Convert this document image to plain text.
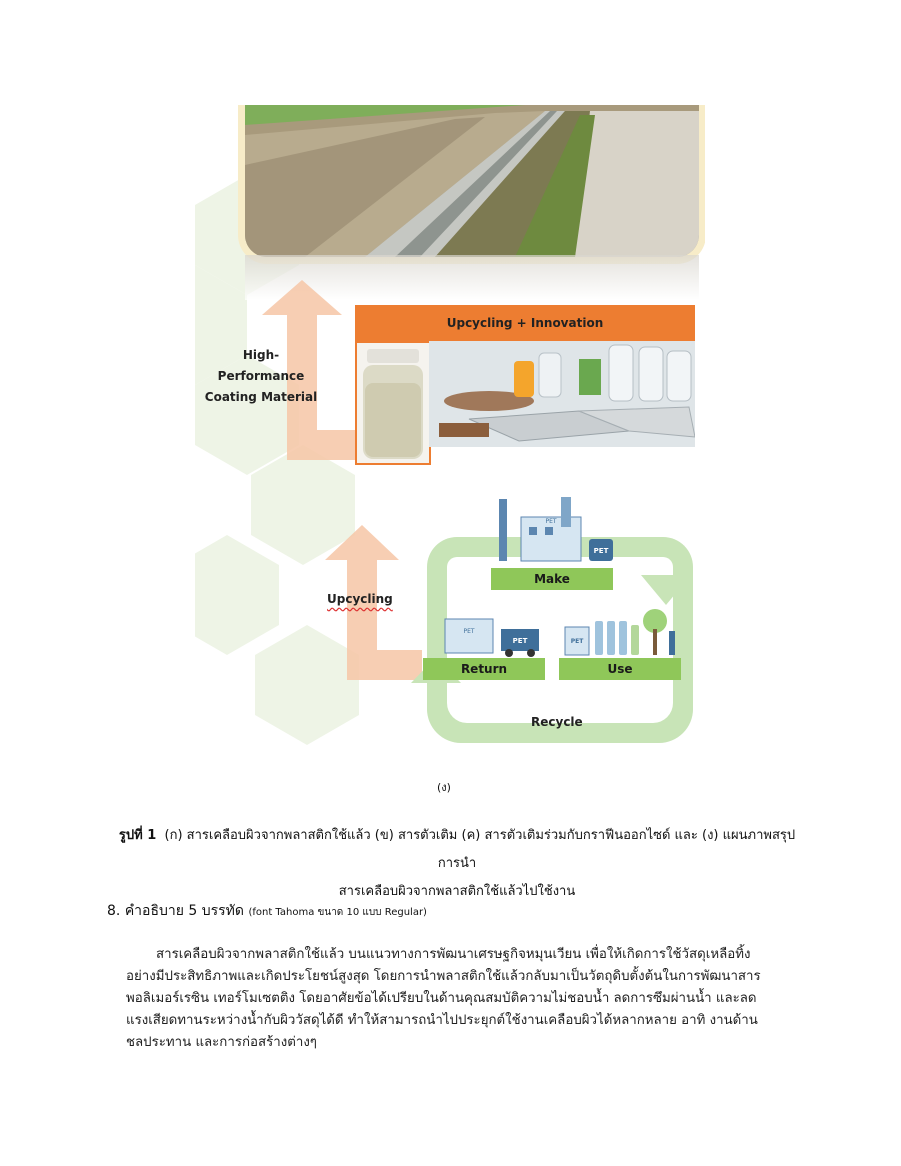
Upcycling + Innovation
High-Performance
Coating Material
Upcycling
PET
PET
Make
PET
PET
Return
PET
Use
Recycle
(ง)
รูปที่ 1 (ก) สารเคลือบผิวจากพลาสติกใช้แล้ว (ข) สารตัวเติม (ค) สารตัวเติมร่วมกับกราฟีนออกไซด์ และ (ง) แผนภาพสรุปการนำ
สารเคลือบผิวจากพลาสติกใช้แล้วไปใช้งาน
8. คำอธิบาย 5 บรรทัด (font Tahoma ขนาด 10 แบบ Regular)
สารเคลือบผิวจากพลาสติกใช้แล้ว บนแนวทางการพัฒนาเศรษฐกิจหมุนเวียน เพื่อให้เกิดการใช้วัสดุเหลือทิ้ง
อย่างมีประสิทธิภาพและเกิดประโยชน์สูงสุด โดยการนำพลาสติกใช้แล้วกลับมาเป็นวัตถุดิบตั้งต้นในการพัฒนาสาร
พอลิเมอร์เรซิน เทอร์โมเซตติง โดยอาศัยข้อได้เปรียบในด้านคุณสมบัติความไม่ชอบน้ำ ลดการซึมผ่านน้ำ และลด
แรงเสียดทานระหว่างน้ำกับผิววัสดุได้ดี ทำให้สามารถนำไปประยุกต์ใช้งานเคลือบผิวได้หลากหลาย อาทิ งานด้าน
ชลประทาน และการก่อสร้างต่างๆ
